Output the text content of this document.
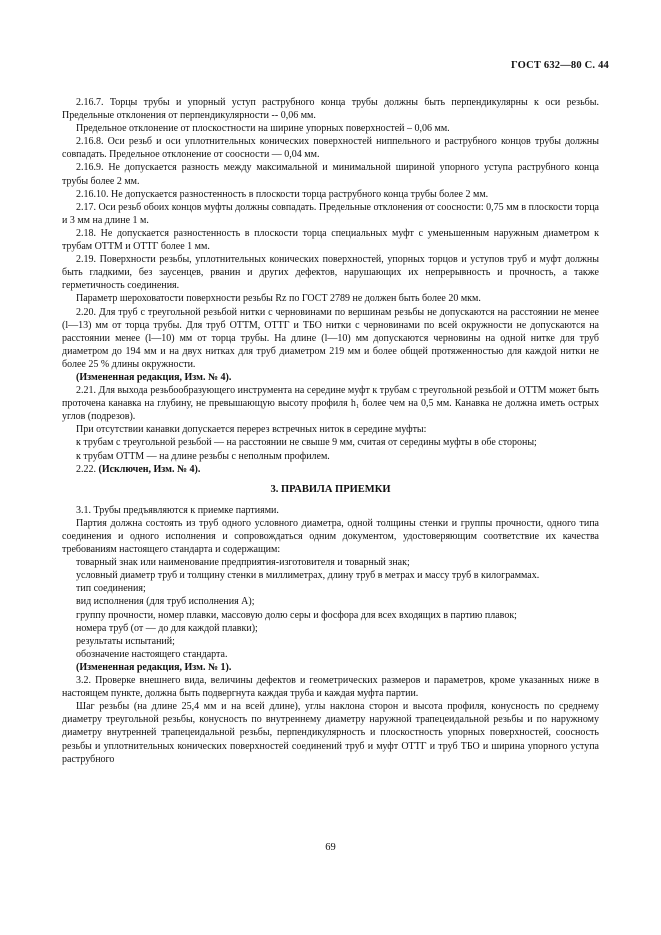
ГОСТ 632—80 С. 44

2.16.7. Торцы трубы и упорный уступ раструбного конца трубы должны быть перпендикулярны к оси резьбы. Предельные отклонения от перпендикулярности -- 0,06 мм.

Предельное отклонение от плоскостности на ширине упорных поверхностей – 0,06 мм.

2.16.8. Оси резьб и оси уплотнительных конических поверхностей ниппельного и раструбного концов трубы должны совпадать. Предельное отклонение от соосности — 0,04 мм.

2.16.9. Не допускается разность между максимальной и минимальной шириной упорного уступа раструбного конца трубы более 2 мм.

2.16.10. Не допускается разностенность в плоскости торца раструбного конца трубы более 2 мм.

2.17. Оси резьб обоих концов муфты должны совпадать. Предельные отклонения от соосности: 0,75 мм в плоскости торца и 3 мм на длине 1 м.

2.18. Не допускается разностенность в плоскости торца специальных муфт с уменьшенным наружным диаметром к трубам ОТТМ и ОТТГ более 1 мм.

2.19. Поверхности резьбы, уплотнительных конических поверхностей, упорных торцов и уступов труб и муфт должны быть гладкими, без заусенцев, рванин и других дефектов, нарушающих их непрерывность и прочность, а также герметичность соединения.

Параметр шероховатости поверхности резьбы Rz по ГОСТ 2789 не должен быть более 20 мкм.

2.20. Для труб с треугольной резьбой нитки с черновинами по вершинам резьбы не допускаются на расстоянии не менее (l—13) мм от торца трубы. Для труб ОТТМ, ОТТГ и ТБО нитки с черновинами по всей окружности не допускаются на расстоянии менее (l—10) мм от торца трубы. На длине (l—10) мм допускаются черновины на одной нитке для труб диаметром до 194 мм и на двух нитках для труб диаметром 219 мм и более общей протяженностью для каждой нитки не более 25 % длины окружности.

(Измененная редакция, Изм. № 4).

2.21. Для выхода резьбообразующего инструмента на середине муфт к трубам с треугольной резьбой и ОТТМ может быть проточена канавка на глубину, не превышающую высоту профиля h₁ более чем на 0,5 мм. Канавка не должна иметь острых углов (подрезов).

При отсутствии канавки допускается перерез встречных ниток в середине муфты:

к трубам с треугольной резьбой — на расстоянии не свыше 9 мм, считая от середины муфты в обе стороны;

к трубам ОТТМ — на длине резьбы с неполным профилем.

2.22. (Исключен, Изм. № 4).

3. ПРАВИЛА ПРИЕМКИ

3.1. Трубы предъявляются к приемке партиями.

Партия должна состоять из труб одного условного диаметра, одной толщины стенки и группы прочности, одного типа соединения и одного исполнения и сопровождаться одним документом, удостоверяющим соответствие их качества требованиям настоящего стандарта и содержащим:

товарный знак или наименование предприятия-изготовителя и товарный знак;

условный диаметр труб и толщину стенки в миллиметрах, длину труб в метрах и массу труб в килограммах.

тип соединения;

вид исполнения (для труб исполнения А);

группу прочности, номер плавки, массовую долю серы и фосфора для всех входящих в партию плавок;

номера труб (от — до для каждой плавки);

результаты испытаний;

обозначение настоящего стандарта.

(Измененная редакция, Изм. № 1).

3.2. Проверке внешнего вида, величины дефектов и геометрических размеров и параметров, кроме указанных ниже в настоящем пункте, должна быть подвергнута каждая труба и каждая муфта партии.

Шаг резьбы (на длине 25,4 мм и на всей длине), углы наклона сторон и высота профиля, конусность по среднему диаметру треугольной резьбы, конусность по внутреннему диаметру наружной трапецеидальной резьбы и по наружному диаметру внутренней трапецеидальной резьбы, перпендикулярность и плоскостность упорных поверхностей, соосность резьбы и уплотнительных конических поверхностей соединений труб и муфт ОТТГ и труб ТБО и ширина упорного уступа раструбного

69
